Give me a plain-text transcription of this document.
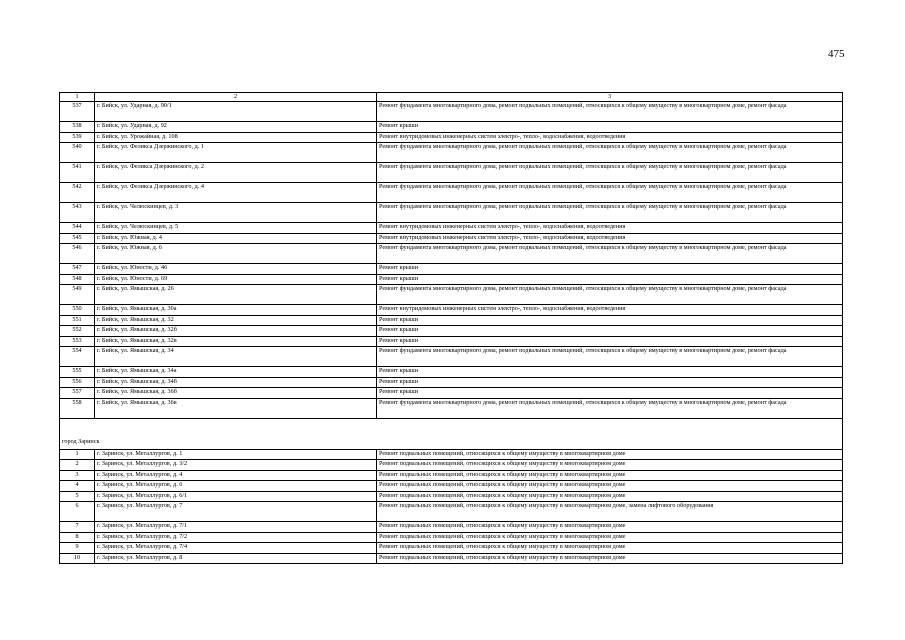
475
1	2	3
537	г. Бийск, ул. Ударная, д. 90/1	Ремонт фундамента многоквартирного дома, ремонт подвальных помещений, относящихся к общему имуществу в многоквартирном доме, ремонт фасада
538	г. Бийск, ул. Ударная, д. 92	Ремонт крыши
539	г. Бийск, ул. Урожайная, д. 108	Ремонт внутридомовых инженерных систем электро-, тепло-, водоснабжения, водоотведения
540	г. Бийск, ул. Феликса Дзержинского, д. 1	Ремонт фундамента многоквартирного дома, ремонт подвальных помещений, относящихся к общему имуществу в многоквартирном доме, ремонт фасада
541	г. Бийск, ул. Феликса Дзержинского, д. 2	Ремонт фундамента многоквартирного дома, ремонт подвальных помещений, относящихся к общему имуществу в многоквартирном доме, ремонт фасада
542	г. Бийск, ул. Феликса Дзержинского, д. 4	Ремонт фундамента многоквартирного дома, ремонт подвальных помещений, относящихся к общему имуществу в многоквартирном доме, ремонт фасада
543	г. Бийск, ул. Челюскинцев, д. 3	Ремонт фундамента многоквартирного дома, ремонт подвальных помещений, относящихся к общему имуществу в многоквартирном доме, ремонт фасада
544	г. Бийск, ул. Челюскинцев, д. 5	Ремонт внутридомовых инженерных систем электро-, тепло-, водоснабжения, водоотведения
545	г. Бийск, ул. Южная, д. 4	Ремонт внутридомовых инженерных систем электро-, тепло-, водоснабжения, водоотведения
546	г. Бийск, ул. Южная, д. 6	Ремонт фундамента многоквартирного дома, ремонт подвальных помещений, относящихся к общему имуществу в многоквартирном доме, ремонт фасада
547	г. Бийск, ул. Юности, д. 46	Ремонт крыши
548	г. Бийск, ул. Юности, д. 69	Ремонт крыши
549	г. Бийск, ул. Ямышская, д. 26	Ремонт фундамента многоквартирного дома, ремонт подвальных помещений, относящихся к общему имуществу в многоквартирном доме, ремонт фасада
550	г. Бийск, ул. Ямышская, д. 30а	Ремонт внутридомовых инженерных систем электро-, тепло-, водоснабжения, водоотведения
551	г. Бийск, ул. Ямышская, д. 32	Ремонт крыши
552	г. Бийск, ул. Ямышская, д. 32б	Ремонт крыши
553	г. Бийск, ул. Ямышская, д. 32в	Ремонт крыши
554	г. Бийск, ул. Ямышская, д. 34	Ремонт фундамента многоквартирного дома, ремонт подвальных помещений, относящихся к общему имуществу в многоквартирном доме, ремонт фасада
555	г. Бийск, ул. Ямышская, д. 34а	Ремонт крыши
556	г. Бийск, ул. Ямышская, д. 34б	Ремонт крыши
557	г. Бийск, ул. Ямышская, д. 36б	Ремонт крыши
558	г. Бийск, ул. Ямышская, д. 36в	Ремонт фундамента многоквартирного дома, ремонт подвальных помещений, относящихся к общему имуществу в многоквартирном доме, ремонт фасада
город Заринск		
1	г. Заринск, ул. Металлургов, д. 1	Ремонт подвальных помещений, относящихся к общему имуществу в многоквартирном доме
2	г. Заринск, ул. Металлургов, д. 3/2	Ремонт подвальных помещений, относящихся к общему имуществу в многоквартирном доме
3	г. Заринск, ул. Металлургов, д. 4	Ремонт подвальных помещений, относящихся к общему имуществу в многоквартирном доме
4	г. Заринск, ул. Металлургов, д. 6	Ремонт подвальных помещений, относящихся к общему имуществу в многоквартирном доме
5	г. Заринск, ул. Металлургов, д. 6/1	Ремонт подвальных помещений, относящихся к общему имуществу в многоквартирном доме
6	г. Заринск, ул. Металлургов, д. 7	Ремонт подвальных помещений, относящихся к общему имуществу в многоквартирном доме, замена лифтового оборудования
7	г. Заринск, ул. Металлургов, д. 7/1	Ремонт подвальных помещений, относящихся к общему имуществу в многоквартирном доме
8	г. Заринск, ул. Металлургов, д. 7/2	Ремонт подвальных помещений, относящихся к общему имуществу в многоквартирном доме
9	г. Заринск, ул. Металлургов, д. 7/4	Ремонт подвальных помещений, относящихся к общему имуществу в многоквартирном доме
10	г. Заринск, ул. Металлургов, д. 8	Ремонт подвальных помещений, относящихся к общему имуществу в многоквартирном доме
